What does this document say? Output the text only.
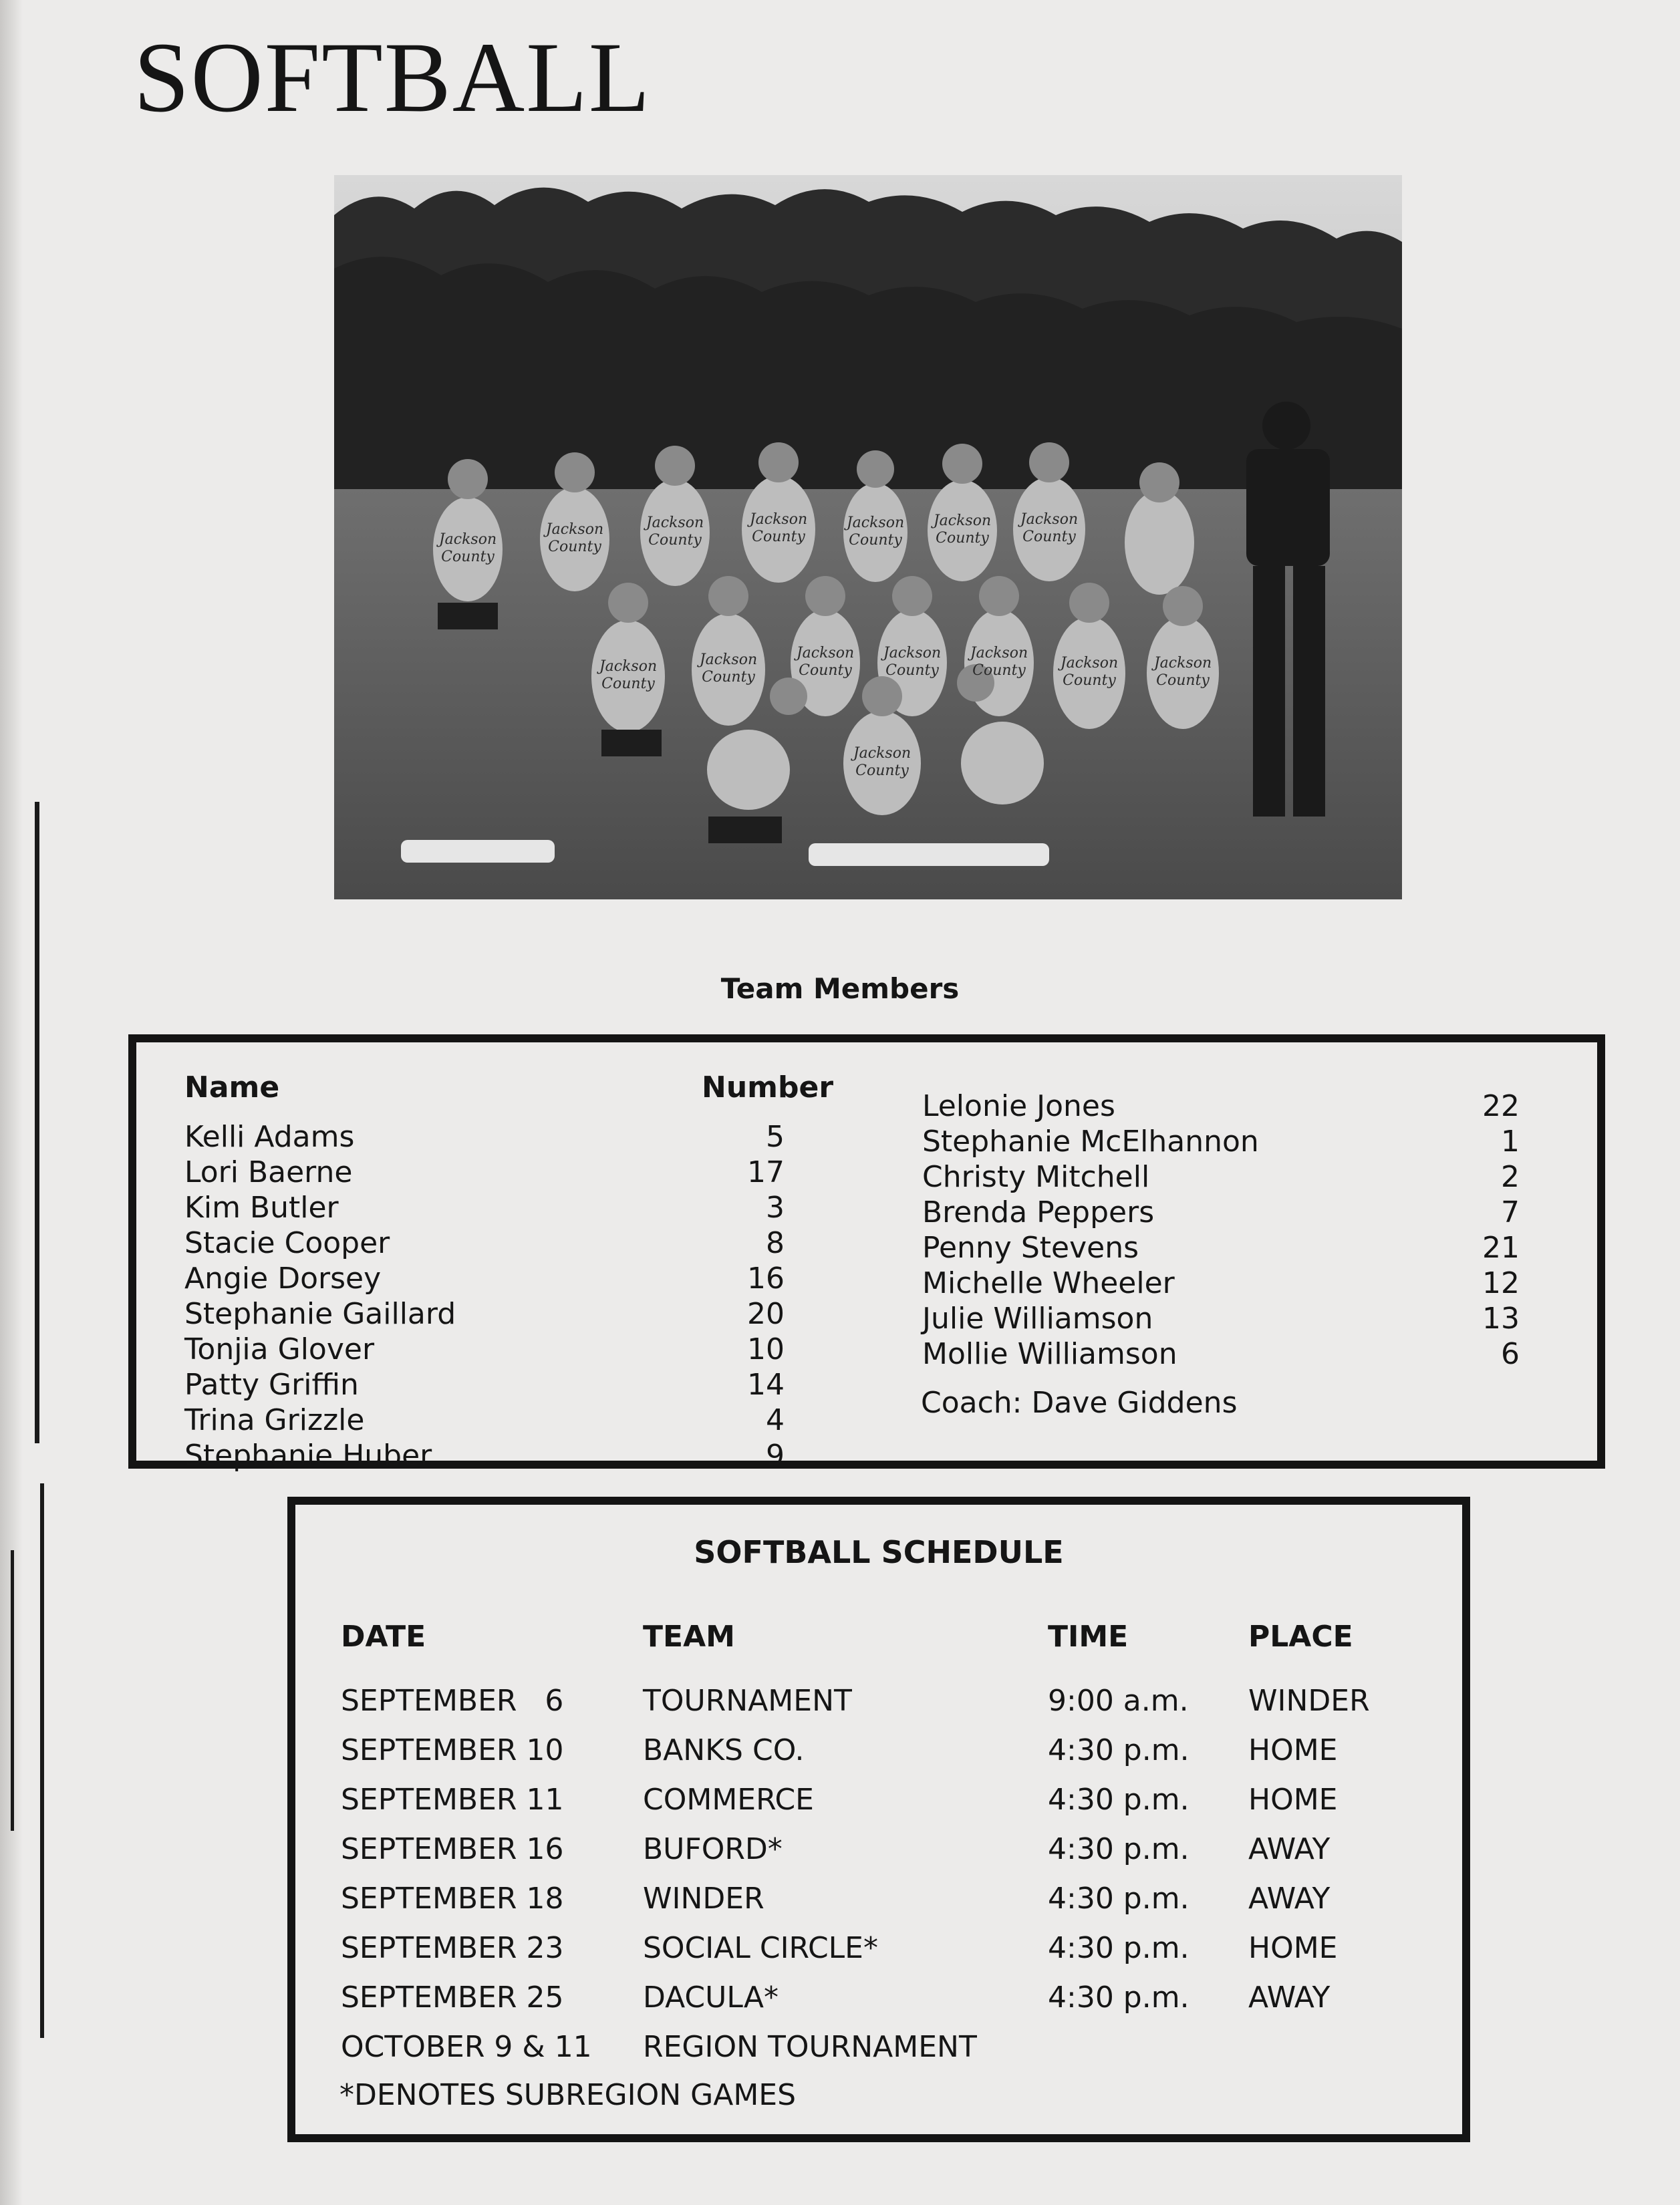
SOFTBALL
Jackson
County
Jackson
County
Jackson
County
Jackson
County
Jackson
County
Jackson
County
Jackson
County
Jackson
County
Jackson
County
Jackson
County
Jackson
County
Jackson
County Jackson
County
Jackson
County
Jackson
County
Team Members
Name	Number
Kelli Adams	5
Lori Baerne	17
Kim Butler	3
Stacie Cooper	8
Angie Dorsey	16
Stephanie Gaillard	20
Tonjia Glover	10
Patty Griffin	14
Trina Grizzle	4
Stephanie Huber	9
Lelonie Jones	22
Stephanie McElhannon	1
Christy Mitchell	2
Brenda Peppers	7
Penny Stevens	21
Michelle Wheeler	12
Julie Williamson	13
Mollie Williamson	6
Coach: Dave Giddens
SOFTBALL SCHEDULE
DATE	TEAM	TIME	PLACE
SEPTEMBER   6	TOURNAMENT	9:00 a.m. WINDER
SEPTEMBER 10	BANKS CO.	4:30 p.m. HOME
SEPTEMBER 11	COMMERCE	4:30 p.m. HOME
SEPTEMBER 16	BUFORD*	4:30 p.m. AWAY
SEPTEMBER 18	WINDER	4:30 p.m. AWAY
SEPTEMBER 23	SOCIAL CIRCLE*	4:30 p.m. HOME
SEPTEMBER 25	DACULA*	4:30 p.m. AWAY
OCTOBER 9 & 11 REGION TOURNAMENT
*DENOTES SUBREGION GAMES
